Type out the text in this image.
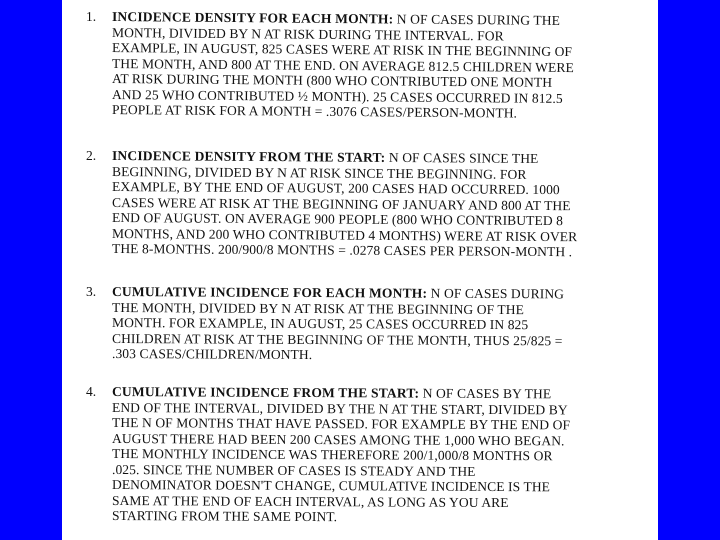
1. INCIDENCE DENSITY FOR EACH MONTH: N OF CASES DURING THE
MONTH, DIVIDED BY N AT RISK DURING THE INTERVAL. FOR
EXAMPLE, IN AUGUST, 825 CASES WERE AT RISK IN THE BEGINNING OF
THE MONTH, AND 800 AT THE END. ON AVERAGE 812.5 CHILDREN WERE
AT RISK DURING THE MONTH (800 WHO CONTRIBUTED ONE MONTH
AND 25 WHO CONTRIBUTED ½ MONTH). 25 CASES OCCURRED IN 812.5
PEOPLE AT RISK FOR A MONTH = .3076 CASES/PERSON-MONTH.
2. INCIDENCE DENSITY FROM THE START: N OF CASES SINCE THE
BEGINNING, DIVIDED BY N AT RISK SINCE THE BEGINNING. FOR
EXAMPLE, BY THE END OF AUGUST, 200 CASES HAD OCCURRED. 1000
CASES WERE AT RISK AT THE BEGINNING OF JANUARY AND 800 AT THE
END OF AUGUST. ON AVERAGE 900 PEOPLE (800 WHO CONTRIBUTED 8
MONTHS, AND 200 WHO CONTRIBUTED 4 MONTHS) WERE AT RISK OVER
THE 8-MONTHS. 200/900/8 MONTHS = .0278 CASES PER PERSON-MONTH .
3. CUMULATIVE INCIDENCE FOR EACH MONTH: N OF CASES DURING
THE MONTH, DIVIDED BY N AT RISK AT THE BEGINNING OF THE
MONTH. FOR EXAMPLE, IN AUGUST, 25 CASES OCCURRED IN 825
CHILDREN AT RISK AT THE BEGINNING OF THE MONTH, THUS 25/825 =
.303 CASES/CHILDREN/MONTH.
4. CUMULATIVE INCIDENCE FROM THE START: N OF CASES BY THE
END OF THE INTERVAL, DIVIDED BY THE N AT THE START, DIVIDED BY
THE N OF MONTHS THAT HAVE PASSED. FOR EXAMPLE BY THE END OF
AUGUST THERE HAD BEEN 200 CASES AMONG THE 1,000 WHO BEGAN.
THE MONTHLY INCIDENCE WAS THEREFORE 200/1,000/8 MONTHS OR
.025. SINCE THE NUMBER OF CASES IS STEADY AND THE
DENOMINATOR DOESN'T CHANGE, CUMULATIVE INCIDENCE IS THE
SAME AT THE END OF EACH INTERVAL, AS LONG AS YOU ARE
STARTING FROM THE SAME POINT.
